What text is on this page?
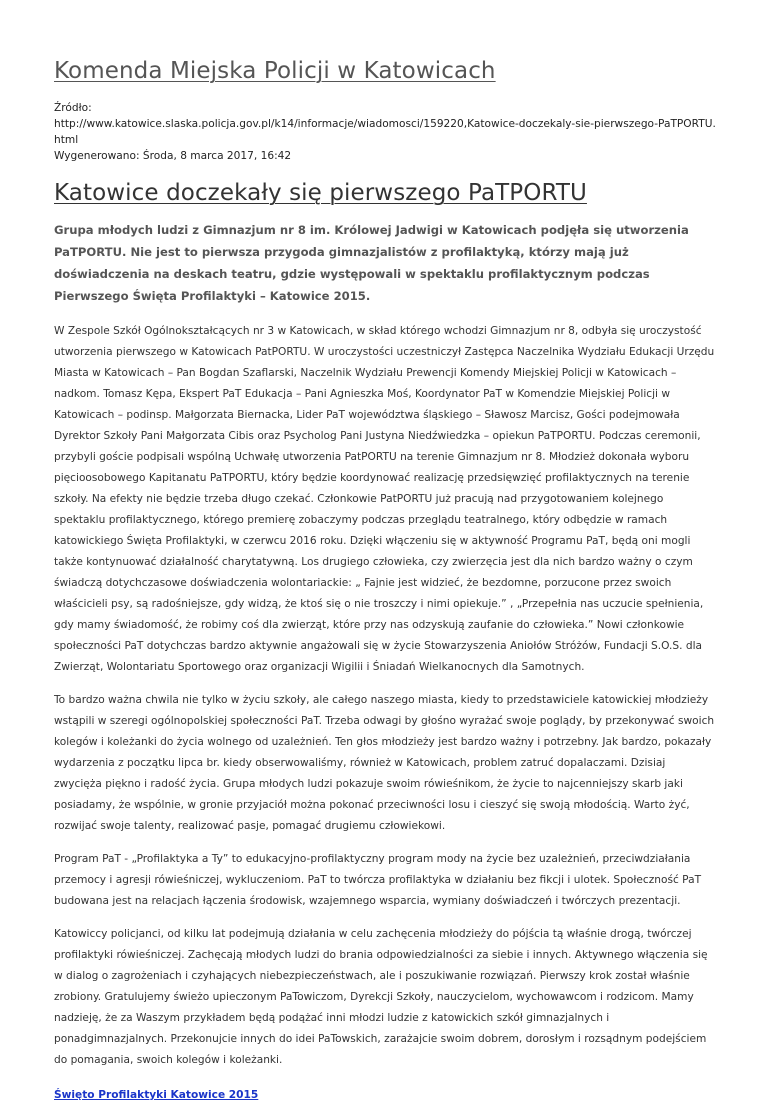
Komenda Miejska Policji w Katowicach
Źródło:
http://www.katowice.slaska.policja.gov.pl/k14/informacje/wiadomosci/159220,Katowice-doczekaly-sie-pierwszego-PaTPORTU.
html
Wygenerowano: Środa, 8 marca 2017, 16:42
Katowice doczekały się pierwszego PaTPORTU

Grupa młodych ludzi z Gimnazjum nr 8 im. Królowej Jadwigi w Katowicach podjęła się utworzenia PaTPORTU. Nie jest to pierwsza przygoda gimnazjalistów z profilaktyką, którzy mają już doświadczenia na deskach teatru, gdzie występowali w spektaklu profilaktycznym podczas Pierwszego Święta Profilaktyki – Katowice 2015.

W Zespole Szkół Ogólnokształcących nr 3 w Katowicach, w skład którego wchodzi Gimnazjum nr 8, odbyła się uroczystość utworzenia pierwszego w Katowicach PatPORTU. W uroczystości uczestniczył Zastępca Naczelnika Wydziału Edukacji Urzędu Miasta w Katowicach – Pan Bogdan Szaflarski, Naczelnik Wydziału Prewencji Komendy Miejskiej Policji w Katowicach – nadkom. Tomasz Kępa, Ekspert PaT Edukacja – Pani Agnieszka Moś, Koordynator PaT w Komendzie Miejskiej Policji w Katowicach – podinsp. Małgorzata Biernacka, Lider PaT województwa śląskiego – Sławosz Marcisz, Gości podejmowała Dyrektor Szkoły Pani Małgorzata Cibis oraz Psycholog Pani Justyna Niedźwiedzka – opiekun PaTPORTU. Podczas ceremonii, przybyli goście podpisali wspólną Uchwałę utworzenia PatPORTU na terenie Gimnazjum nr 8. Młodzież dokonała wyboru pięcioosobowego Kapitanatu PaTPORTU, który będzie koordynować realizację przedsięwzięć profilaktycznych na terenie szkoły. Na efekty nie będzie trzeba długo czekać. Członkowie PatPORTU już pracują nad przygotowaniem kolejnego spektaklu profilaktycznego, którego premierę zobaczymy podczas przeglądu teatralnego, który odbędzie w ramach katowickiego Święta Profilaktyki, w czerwcu 2016 roku. Dzięki włączeniu się w aktywność Programu PaT, będą oni mogli także kontynuować działalność charytatywną. Los drugiego człowieka, czy zwierzęcia jest dla nich bardzo ważny o czym świadczą dotychczasowe doświadczenia wolontariackie: „ Fajnie jest widzieć, że bezdomne, porzucone przez swoich właścicieli psy, są radośniejsze, gdy widzą, że ktoś się o nie troszczy i nimi opiekuje.” , „Przepełnia nas uczucie spełnienia, gdy mamy świadomość, że robimy coś dla zwierząt, które przy nas odzyskują zaufanie do człowieka.” Nowi członkowie społeczności PaT dotychczas bardzo aktywnie angażowali się w życie Stowarzyszenia Aniołów Stróżów, Fundacji S.O.S. dla Zwierząt, Wolontariatu Sportowego oraz organizacji Wigilii i Śniadań Wielkanocnych dla Samotnych.

To bardzo ważna chwila nie tylko w życiu szkoły, ale całego naszego miasta, kiedy to przedstawiciele katowickiej młodzieży wstąpili w szeregi ogólnopolskiej społeczności PaT. Trzeba odwagi by głośno wyrażać swoje poglądy, by przekonywać swoich kolegów i koleżanki do życia wolnego od uzależnień. Ten głos młodzieży jest bardzo ważny i potrzebny. Jak bardzo, pokazały wydarzenia z początku lipca br. kiedy obserwowaliśmy, również w Katowicach, problem zatruć dopalaczami. Dzisiaj zwycięża piękno i radość życia. Grupa młodych ludzi pokazuje swoim rówieśnikom, że życie to najcenniejszy skarb jaki posiadamy, że wspólnie, w gronie przyjaciół można pokonać przeciwności losu i cieszyć się swoją młodością. Warto żyć, rozwijać swoje talenty, realizować pasje, pomagać drugiemu człowiekowi.

Program PaT - „Profilaktyka a Ty” to edukacyjno-profilaktyczny program mody na życie bez uzależnień, przeciwdziałania przemocy i agresji rówieśniczej, wykluczeniom. PaT to twórcza profilaktyka w działaniu bez fikcji i ulotek. Społeczność PaT budowana jest na relacjach łączenia środowisk, wzajemnego wsparcia, wymiany doświadczeń i twórczych prezentacji.

Katowiccy policjanci, od kilku lat podejmują działania w celu zachęcenia młodzieży do pójścia tą właśnie drogą, twórczej profilaktyki rówieśniczej. Zachęcają młodych ludzi do brania odpowiedzialności za siebie i innych. Aktywnego włączenia się w dialog o zagrożeniach i czyhających niebezpieczeństwach, ale i poszukiwanie rozwiązań. Pierwszy krok został właśnie zrobiony. Gratulujemy świeżo upieczonym PaTowiczom, Dyrekcji Szkoły, nauczycielom, wychowawcom i rodzicom. Mamy nadzieję, że za Waszym przykładem będą podążać inni młodzi ludzie z katowickich szkół gimnazjalnych i ponadgimnazjalnych. Przekonujcie innych do idei PaTowskich, zarażajcie swoim dobrem, dorosłym i rozsądnym podejściem do pomagania, swoich kolegów i koleżanki.

Święto Profilaktyki Katowice 2015
